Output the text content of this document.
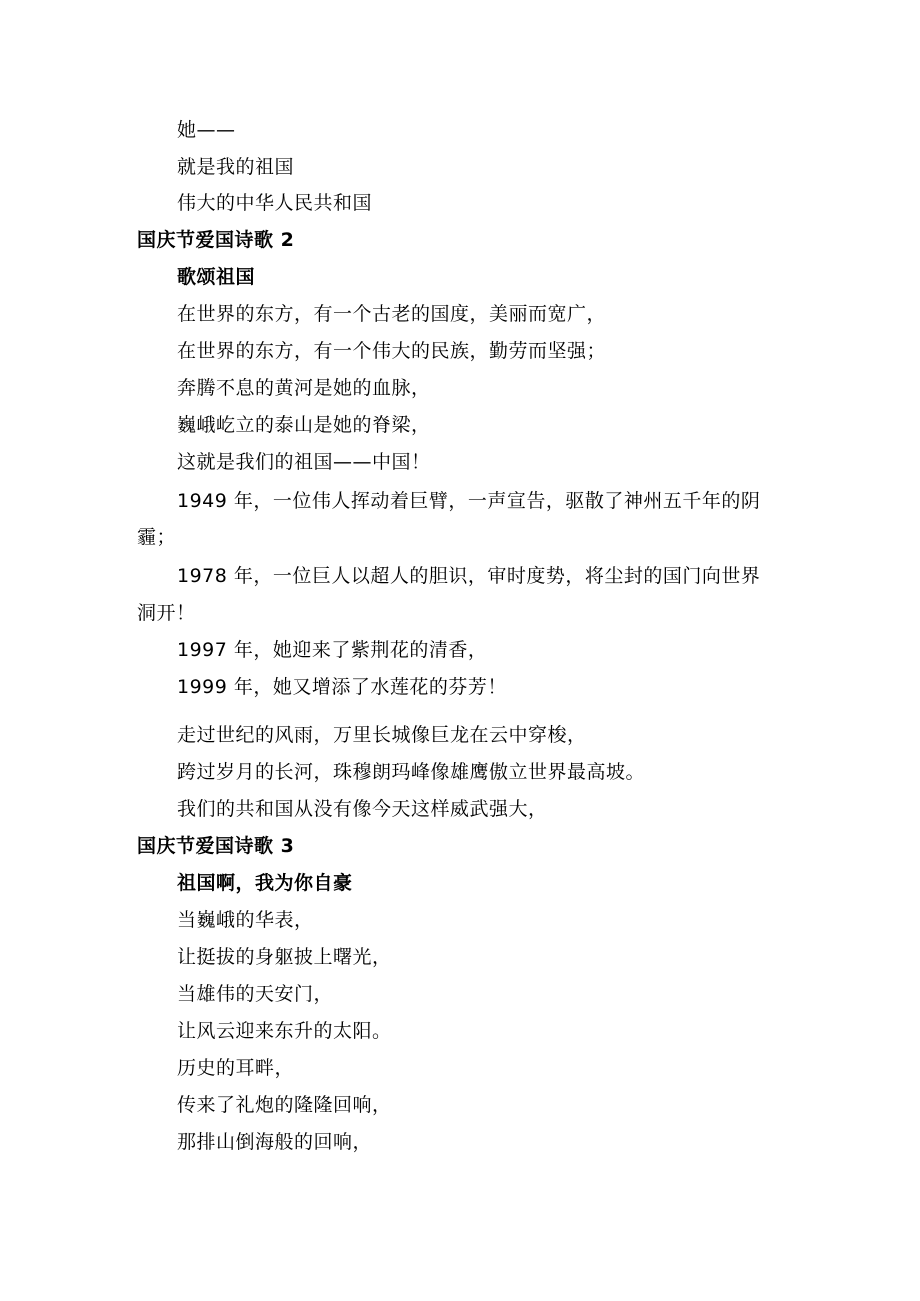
她——
就是我的祖国
伟大的中华人民共和国
国庆节爱国诗歌 2
歌颂祖国
在世界的东方，有一个古老的国度，美丽而宽广，
在世界的东方，有一个伟大的民族，勤劳而坚强；
奔腾不息的黄河是她的血脉，
巍峨屹立的泰山是她的脊梁，
这就是我们的祖国——中国！
1949 年，一位伟人挥动着巨臂，一声宣告，驱散了神州五千年的阴
霾；
1978 年，一位巨人以超人的胆识，审时度势，将尘封的国门向世界
洞开！
1997 年，她迎来了紫荆花的清香，
1999 年，她又增添了水莲花的芬芳！
走过世纪的风雨，万里长城像巨龙在云中穿梭，
跨过岁月的长河，珠穆朗玛峰像雄鹰傲立世界最高坡。
我们的共和国从没有像今天这样威武强大，
国庆节爱国诗歌 3
祖国啊，我为你自豪
当巍峨的华表，
让挺拔的身躯披上曙光，
当雄伟的天安门，
让风云迎来东升的太阳。
历史的耳畔，
传来了礼炮的隆隆回响，
那排山倒海般的回响，
